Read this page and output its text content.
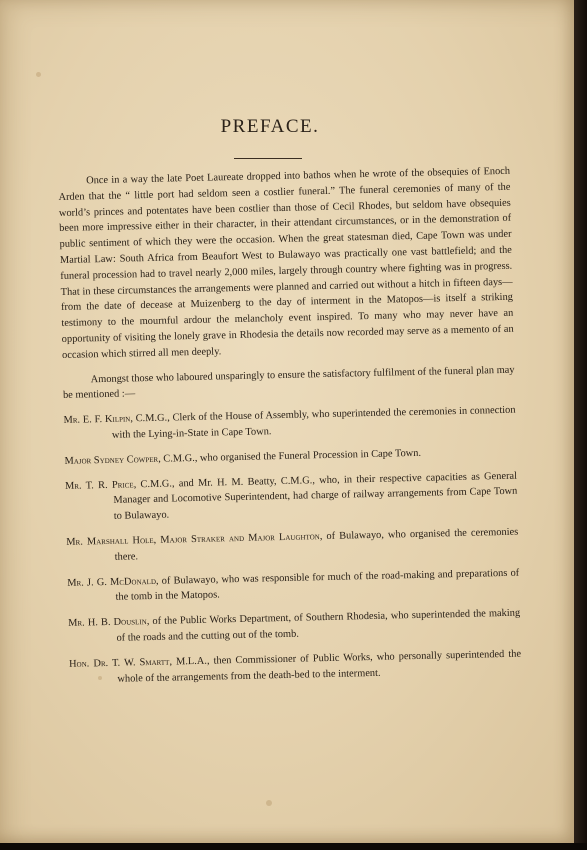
PREFACE.

Once in a way the late Poet Laureate dropped into bathos when he wrote of the obsequies of Enoch Arden that the “ little port had seldom seen a costlier funeral.” The funeral ceremonies of many of the world’s princes and potentates have been costlier than those of Cecil Rhodes, but seldom have obsequies been more impressive either in their character, in their attendant circumstances, or in the demonstration of public sentiment of which they were the occasion. When the great statesman died, Cape Town was under Martial Law: South Africa from Beaufort West to Bulawayo was practically one vast battlefield; and the funeral procession had to travel nearly 2,000 miles, largely through country where fighting was in progress. That in these circumstances the arrangements were planned and carried out without a hitch in fifteen days—from the date of decease at Muizenberg to the day of interment in the Matopos—is itself a striking testimony to the mournful ardour the melancholy event inspired. To many who may never have an opportunity of visiting the lonely grave in Rhodesia the details now recorded may serve as a memento of an occasion which stirred all men deeply.

Amongst those who laboured unsparingly to ensure the satisfactory fulfilment of the funeral plan may be mentioned :—

Mr. E. F. Kilpin, C.M.G., Clerk of the House of Assembly, who superintended the ceremonies in connection with the Lying-in-State in Cape Town.
Major Sydney Cowper, C.M.G., who organised the Funeral Procession in Cape Town.
Mr. T. R. Price, C.M.G., and Mr. H. M. Beatty, C.M.G., who, in their respective capacities as General Manager and Locomotive Superintendent, had charge of railway arrangements from Cape Town to Bulawayo.
Mr. Marshall Hole, Major Straker and Major Laughton, of Bulawayo, who organised the ceremonies there.
Mr. J. G. McDonald, of Bulawayo, who was responsible for much of the road-making and preparations of the tomb in the Matopos.
Mr. H. B. Douslin, of the Public Works Department, of Southern Rhodesia, who superintended the making of the roads and the cutting out of the tomb.
Hon. Dr. T. W. Smartt, M.L.A., then Commissioner of Public Works, who personally superintended the whole of the arrangements from the death-bed to the interment.
